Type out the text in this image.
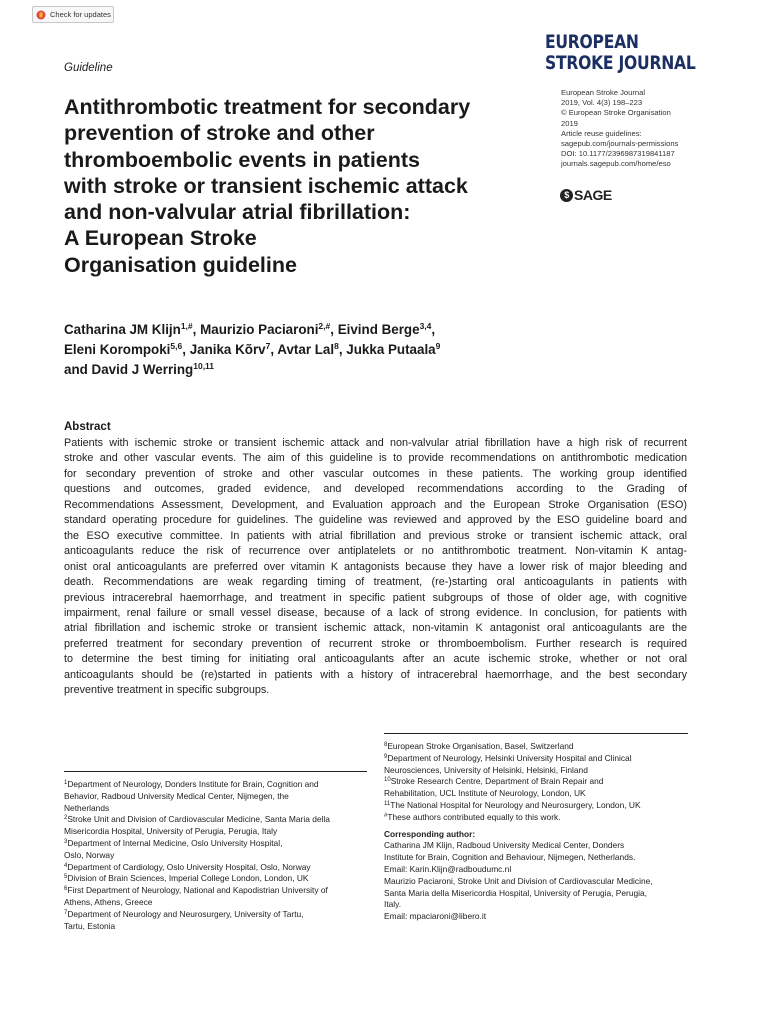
Check for updates
EUROPEAN
STROKE JOURNAL
Guideline
Antithrombotic treatment for secondary
prevention of stroke and other
thromboembolic events in patients
with stroke or transient ischemic attack
and non-valvular atrial fibrillation:
A European Stroke
Organisation guideline
European Stroke Journal
2019, Vol. 4(3) 198–223
© European Stroke Organisation
2019
Article reuse guidelines:
sagepub.com/journals-permissions
DOI: 10.1177/2396987319841187
journals.sagepub.com/home/eso
$ SAGE
Catharina JM Klijn$^{1,\#}$, Maurizio Paciaroni$^{2,\#}$, Eivind Berge$^{3,4}$,
Eleni Korompoki$^{5,6}$, Janika Kõrv$^7$, Avtar Lal$^8$, Jukka Putaala$^9$
and David J Werring$^{10,11}$
Abstract
Patients with ischemic stroke or transient ischemic attack and non-valvular atrial fibrillation have a high risk of recurrent
stroke and other vascular events. The aim of this guideline is to provide recommendations on antithrombotic medication
for secondary prevention of stroke and other vascular outcomes in these patients. The working group identified
questions and outcomes, graded evidence, and developed recommendations according to the Grading of
Recommendations Assessment, Development, and Evaluation approach and the European Stroke Organisation (ESO)
standard operating procedure for guidelines. The guideline was reviewed and approved by the ESO guideline board and
the ESO executive committee. In patients with atrial fibrillation and previous stroke or transient ischemic attack, oral
anticoagulants reduce the risk of recurrence over antiplatelets or no antithrombotic treatment. Non-vitamin K antag-
onist oral anticoagulants are preferred over vitamin K antagonists because they have a lower risk of major bleeding and
death. Recommendations are weak regarding timing of treatment, (re-)starting oral anticoagulants in patients with
previous intracerebral haemorrhage, and treatment in specific patient subgroups of those of older age, with cognitive
impairment, renal failure or small vessel disease, because of a lack of strong evidence. In conclusion, for patients with
atrial fibrillation and ischemic stroke or transient ischemic attack, non-vitamin K antagonist oral anticoagulants are the
preferred treatment for secondary prevention of recurrent stroke or thromboembolism. Further research is required
to determine the best timing for initiating oral anticoagulants after an acute ischemic stroke, whether or not oral
anticoagulants should be (re)started in patients with a history of intracerebral haemorrhage, and the best secondary
preventive treatment in specific subgroups.
$^1$Department of Neurology, Donders Institute for Brain, Cognition and
Behavior, Radboud University Medical Center, Nijmegen, the
Netherlands
$^2$Stroke Unit and Division of Cardiovascular Medicine, Santa Maria della
Misericordia Hospital, University of Perugia, Perugia, Italy
$^3$Department of Internal Medicine, Oslo University Hospital,
Oslo, Norway
$^4$Department of Cardiology, Oslo University Hospital, Oslo, Norway
$^5$Division of Brain Sciences, Imperial College London, London, UK
$^6$First Department of Neurology, National and Kapodistrian University of
Athens, Athens, Greece
$^7$Department of Neurology and Neurosurgery, University of Tartu,
Tartu, Estonia
$^8$European Stroke Organisation, Basel, Switzerland
$^9$Department of Neurology, Helsinki University Hospital and Clinical
Neurosciences, University of Helsinki, Helsinki, Finland
$^{10}$Stroke Research Centre, Department of Brain Repair and
Rehabilitation, UCL Institute of Neurology, London, UK
$^{11}$The National Hospital for Neurology and Neurosurgery, London, UK
#These authors contributed equally to this work.
Corresponding author:
Catharina JM Klijn, Radboud University Medical Center, Donders
Institute for Brain, Cognition and Behaviour, Nijmegen, Netherlands.
Email: Karin.Klijn@radboudumc.nl
Maurizio Paciaroni, Stroke Unit and Division of Cardiovascular Medicine,
Santa Maria della Misericordia Hospital, University of Perugia, Perugia,
Italy.
Email: mpaciaroni@libero.it
